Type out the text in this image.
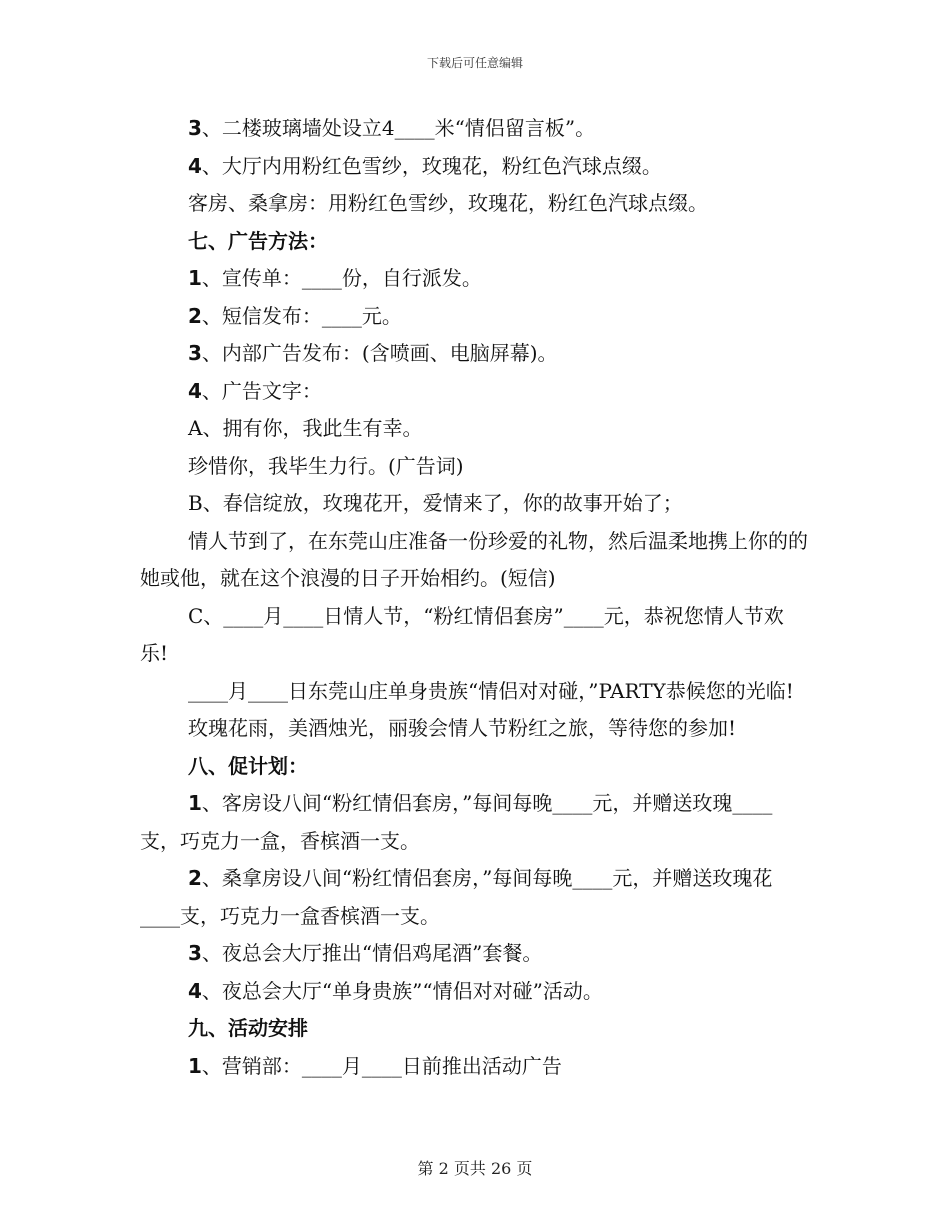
下载后可任意编辑

3、二楼玻璃墙处设立4____米“情侣留言板”。

4、大厅内用粉红色雪纱，玫瑰花，粉红色汽球点缀。

客房、桑拿房：用粉红色雪纱，玫瑰花，粉红色汽球点缀。

七、广告方法：

1、宣传单：____份，自行派发。

2、短信发布：____元。

3、内部广告发布：(含喷画、电脑屏幕)。

4、广告文字：

A、拥有你，我此生有幸。

珍惜你，我毕生力行。(广告词)

B、春信绽放，玫瑰花开，爱情来了，你的故事开始了；

情人节到了，在东莞山庄准备一份珍爱的礼物，然后温柔地携上你的的她或他，就在这个浪漫的日子开始相约。(短信)

C、____月____日情人节，“粉红情侣套房”____元，恭祝您情人节欢乐!

____月____日东莞山庄单身贵族“情侣对对碰，”PARTY恭候您的光临!

玫瑰花雨，美酒烛光，丽骏会情人节粉红之旅，等待您的参加!

八、促计划：

1、客房设八间“粉红情侣套房，”每间每晚____元，并赠送玫瑰____支，巧克力一盒，香槟酒一支。

2、桑拿房设八间“粉红情侣套房，”每间每晚____元，并赠送玫瑰花____支，巧克力一盒香槟酒一支。

3、夜总会大厅推出“情侣鸡尾酒”套餐。

4、夜总会大厅“单身贵族”“情侣对对碰”活动。

九、活动安排

1、营销部：____月____日前推出活动广告

第 2 页共 26 页
